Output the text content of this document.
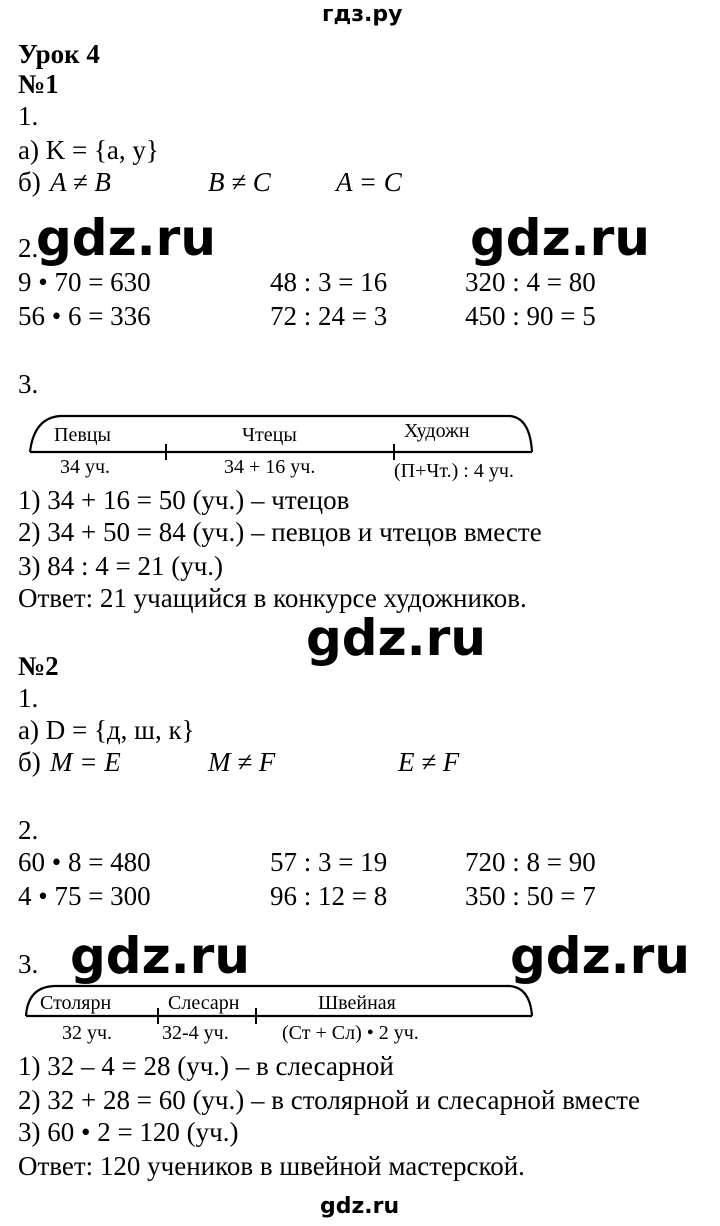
гдз.ру
Урок 4
№1
1.
а) K = {a, y}
б) A ≠ B	B ≠ C A = C
2.
gdz.ru	gdz.ru
9 • 70 = 630	48 : 3 = 16	320 : 4 = 80
56 • 6 = 336	72 : 24 = 3	450 : 90 = 5
3.
Певцы	Чтецы	Художн
34 уч.	34 + 16 уч.	(П+Чт.) : 4 уч.
1) 34 + 16 = 50 (уч.) – чтецов
2) 34 + 50 = 84 (уч.) – певцов и чтецов вместе
3) 84 : 4 = 21 (уч.)
Ответ: 21 учащийся в конкурсе художников.
gdz.ru
№2
1.
а) D = {д, ш, к}
б) M = E	M ≠ F	E ≠ F
2.
60 • 8 = 480	57 : 3 = 19	720 : 8 = 90
4 • 75 = 300	96 : 12 = 8	350 : 50 = 7
3. gdz.ru	gdz.ru
Столярн	Слесарн	Швейная
32 уч. 32-4 уч.	(Ст + Сл) • 2 уч.
1) 32 – 4 = 28 (уч.) – в слесарной
2) 32 + 28 = 60 (уч.) – в столярной и слесарной вместе
3) 60 • 2 = 120 (уч.)
Ответ: 120 учеников в швейной мастерской.
gdz.ru
